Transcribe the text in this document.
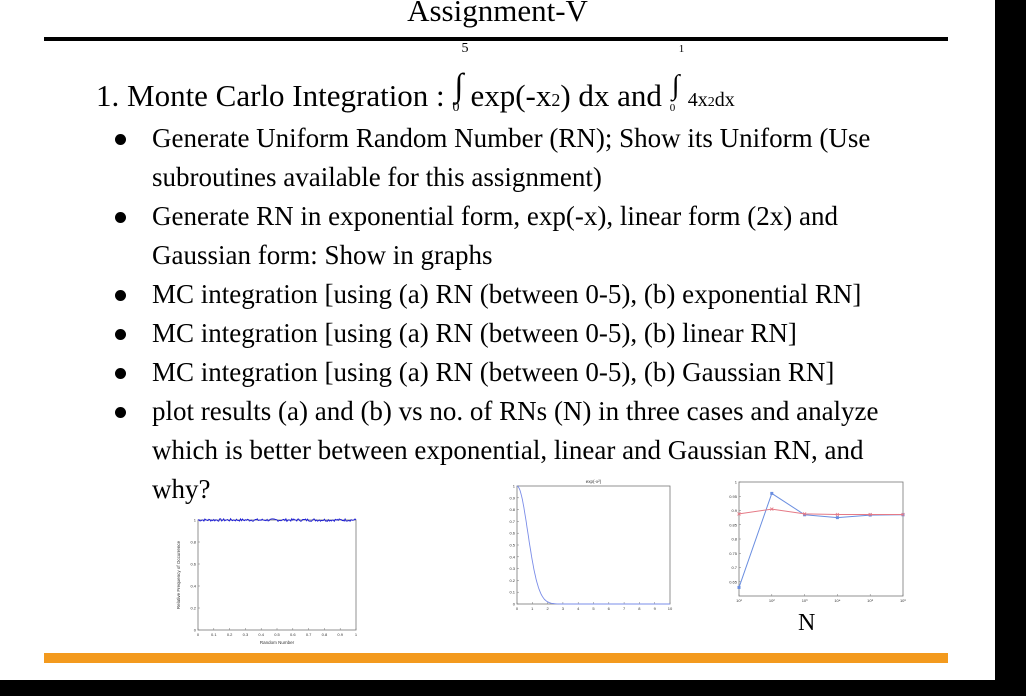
Assignment-V
1. Monte Carlo Integration : ∫
5
0 exp(-x2) dx and ∫
1
0 4x2dx
Generate Uniform Random Number (RN); Show its Uniform (Use subroutines available for this assignment)
Generate RN in exponential form, exp(-x), linear form (2x) and Gaussian form: Show in graphs
MC integration [using (a) RN (between 0-5), (b) exponential RN]
MC integration [using (a) RN (between 0-5), (b) linear RN]
MC integration [using (a) RN (between 0-5), (b) Gaussian RN]
plot results (a) and (b) vs no. of RNs (N) in three cases and analyze which is better between exponential, linear and Gaussian RN, and why?
0	0.1	0.2	0.3	0.4	0.5	0.6	0.7	0.8	0.9	1
0
0.2
0.4
0.6
0.8
1
Random Number
Relative Frequency of Occurrence	0	1	2	3	4	5	6	7	8	9	10
0
0.1
0.2
0.3
0.4
0.5
0.6
0.7
0.8
0.9
1
exp(-x²)
10¹	10²	10³	10⁴	10⁵	10⁶
0.65
0.7
0.75
0.8
0.85
0.9
0.95
1
N
